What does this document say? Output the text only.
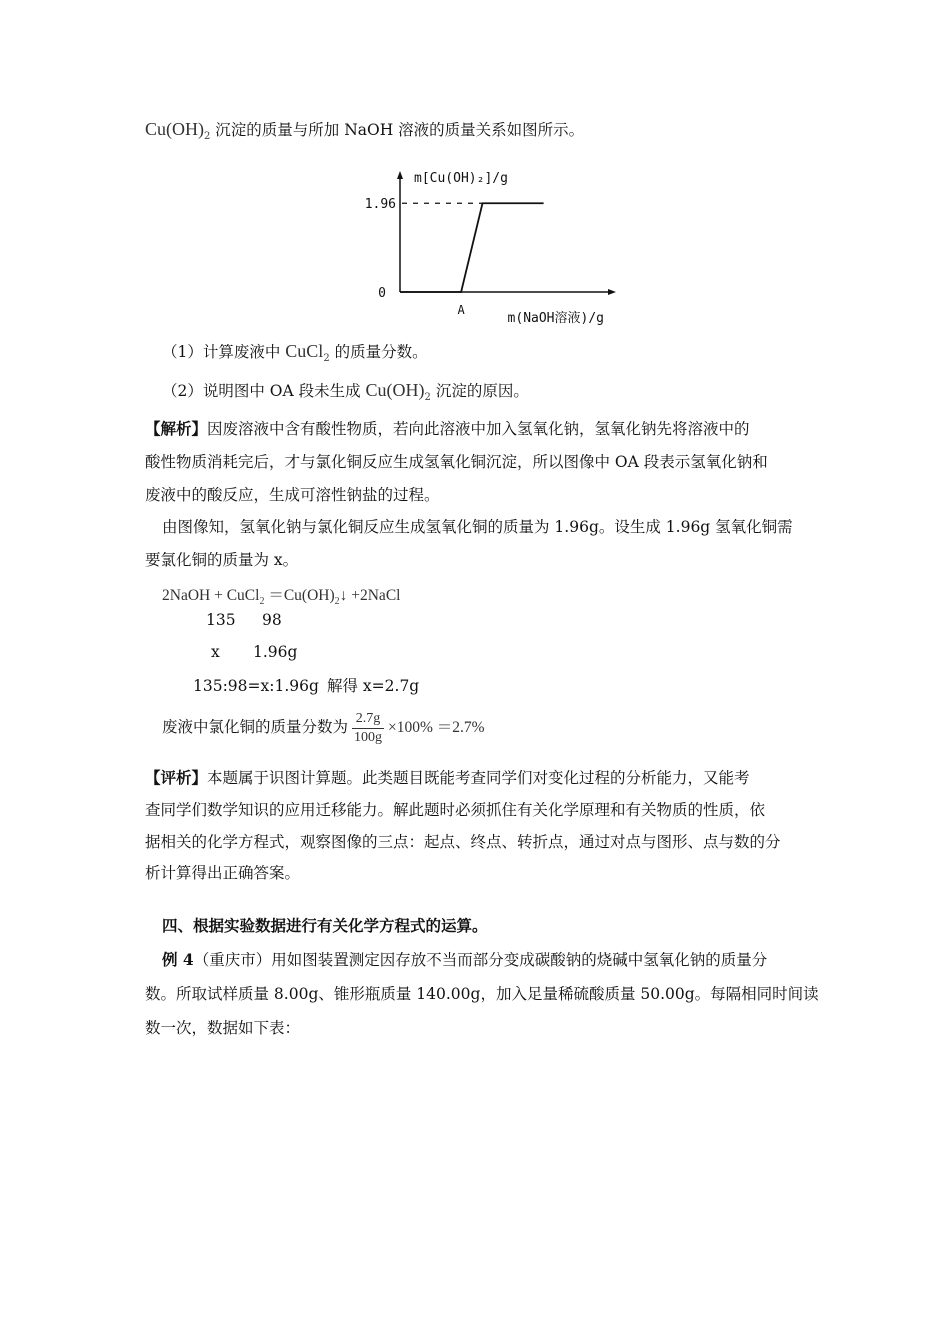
$Cu(OH)_2$ 沉淀的质量与所加 NaOH 溶液的质量关系如图所示。
m[Cu(OH)₂]/g
m(NaOH溶液)/g
0
1.96
A
（1）计算废液中 CuCl$_2$ 的质量分数。
（2）说明图中 OA 段未生成 $Cu(OH)_2$ 沉淀的原因。
【解析】因废溶液中含有酸性物质，若向此溶液中加入氢氧化钠，氢氧化钠先将溶液中的
酸性物质消耗完后，才与氯化铜反应生成氢氧化铜沉淀，所以图像中 OA 段表示氢氧化钠和
废液中的酸反应，生成可溶性钠盐的过程。
由图像知，氢氧化钠与氯化铜反应生成氢氧化铜的质量为 1.96g。设生成 1.96g 氢氧化铜需
要氯化铜的质量为 x。
2NaOH + CuCl$_2$ $=Cu(OH)_2↓$ +2NaCl
135 98
x 1.96g
135:98=x:1.96g 解得 x=2.7g
废液中氯化铜的质量分数为 $\frac{2.7g}{100g} \times 100\% =2.7\%$
【评析】本题属于识图计算题。此类题目既能考查同学们对变化过程的分析能力，又能考
查同学们数学知识的应用迁移能力。解此题时必须抓住有关化学原理和有关物质的性质，依
据相关的化学方程式，观察图像的三点：起点、终点、转折点，通过对点与图形、点与数的分
析计算得出正确答案。
四、根据实验数据进行有关化学方程式的运算。
例 4（重庆市）用如图装置测定因存放不当而部分变成碳酸钠的烧碱中氢氧化钠的质量分
数。所取试样质量 8.00g、锥形瓶质量 140.00g，加入足量稀硫酸质量 50.00g。每隔相同时间读
数一次，数据如下表：
